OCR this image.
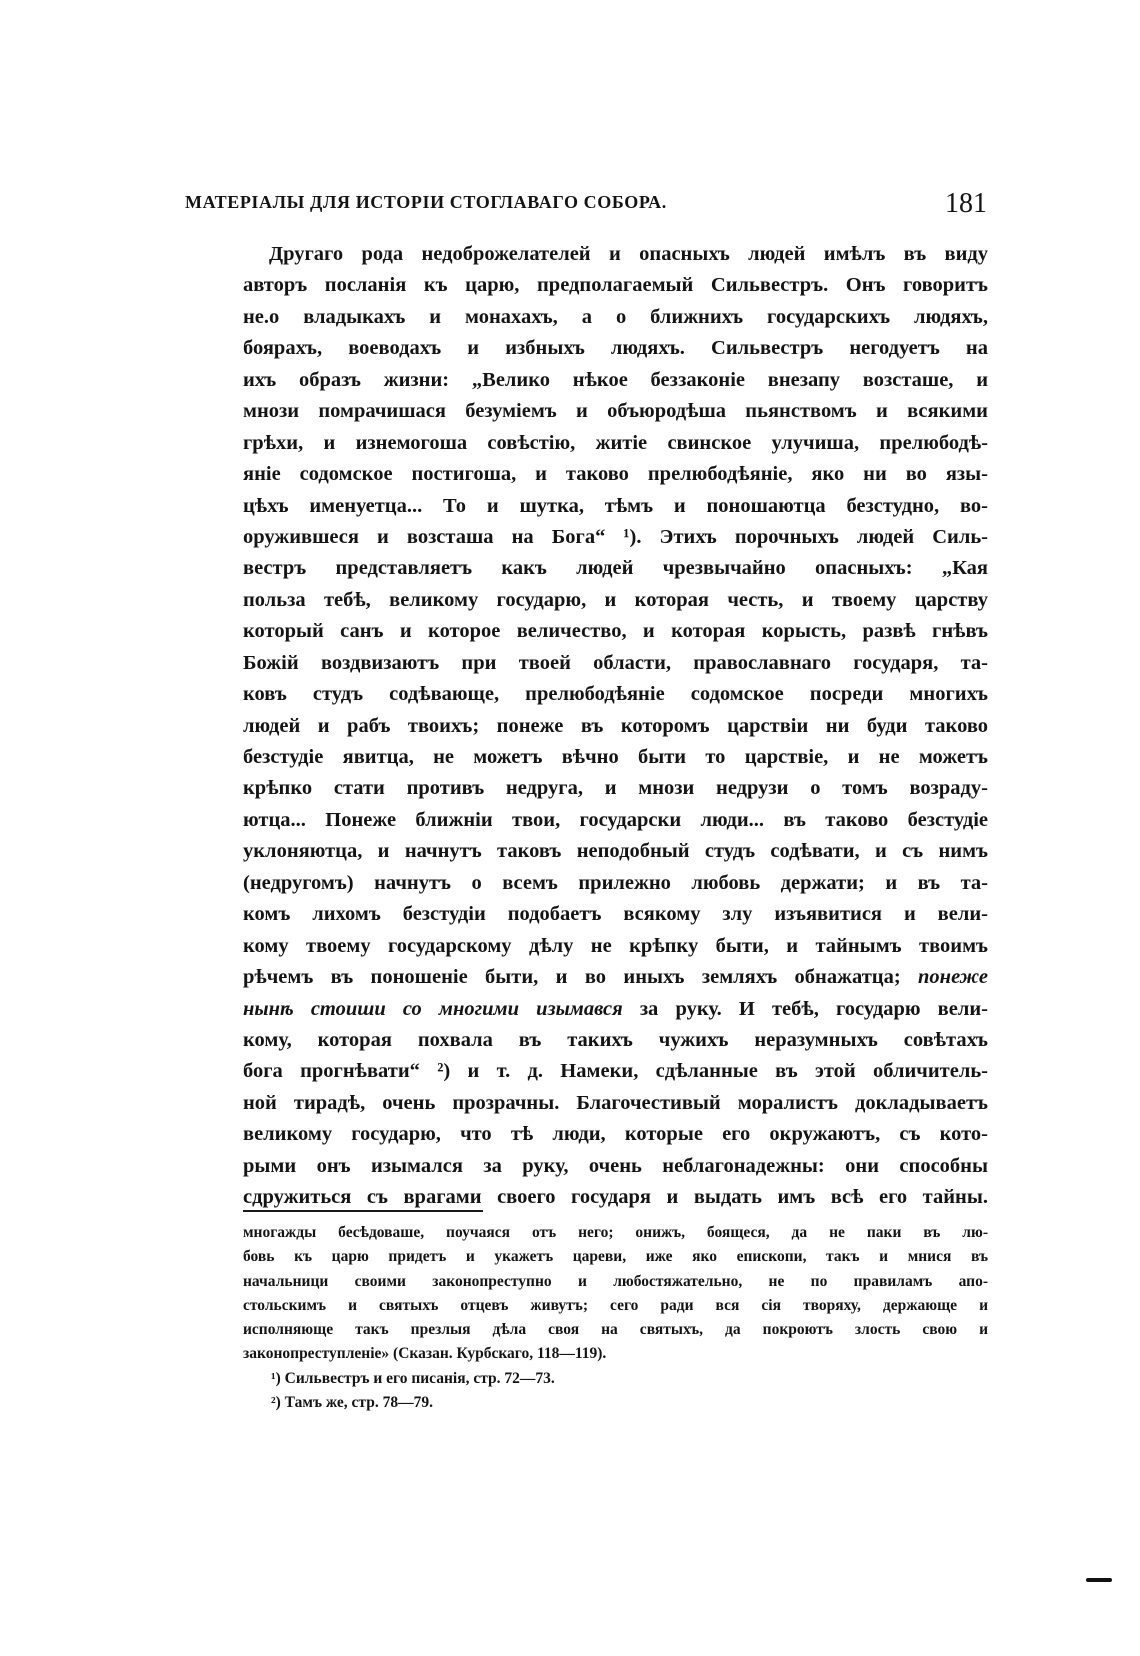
МАТЕРІАЛЫ ДЛЯ ИСТОРІИ СТОГЛАВАГО СОБОРА.	181
Другаго рода недоброжелателей и опасныхъ людей имѣлъ въ виду
авторъ посланія къ царю, предполагаемый Сильвестръ. Онъ говоритъ
не.о владыкахъ и монахахъ, а о ближнихъ государскихъ людяхъ,
боярахъ, воеводахъ и избныхъ людяхъ. Сильвестръ негодуетъ на
ихъ образъ жизни: „Велико нѣкое беззаконіе внезапу возсташе, и
мнози помрачишася безуміемъ и объюродѣша пьянствомъ и всякими
грѣхи, и изнемогоша совѣстію, житіе свинское улучиша, прелюбодѣ-
яніе содомское постигоша, и таково прелюбодѣяніе, яко ни во язы-
цѣхъ именуетца... То и шутка, тѣмъ и поношаютца безстудно, во-
оружившеся и возсташа на Бога“ ¹). Этихъ порочныхъ людей Силь-
вестръ представляетъ какъ людей чрезвычайно опасныхъ: „Кая
польза тебѣ, великому государю, и которая честь, и твоему царству
который санъ и которое величество, и которая корысть, развѣ гнѣвъ
Божій воздвизаютъ при твоей области, православнаго государя, та-
ковъ студъ содѣвающе, прелюбодѣяніе содомское посреди многихъ
людей и рабъ твоихъ; понеже въ которомъ царствіи ни буди таково
безстудіе явитца, не можетъ вѣчно быти то царствіе, и не можетъ
крѣпко стати противъ недруга, и мнози недрузи о томъ возраду-
ютца... Понеже ближніи твои, государски люди... въ таково безстудіе
уклоняютца, и начнутъ таковъ неподобный студъ содѣвати, и съ нимъ
(недругомъ) начнутъ о всемъ прилежно любовь держати; и въ та-
комъ лихомъ безстудіи подобаетъ всякому злу изъявитися и вели-
кому твоему государскому дѣлу не крѣпку быти, и тайнымъ твоимъ
рѣчемъ въ поношеніе быти, и во иныхъ земляхъ обнажатца; понеже
нынѣ стоиши со многими изымався за руку. И тебѣ, государю вели-
кому, которая похвала въ такихъ чужихъ неразумныхъ совѣтахъ
бога прогнѣвати“ ²) и т. д. Намеки, сдѣланные въ этой обличитель-
ной тирадѣ, очень прозрачны. Благочестивый моралистъ докладываетъ
великому государю, что тѣ люди, которые его окружаютъ, съ кото-
рыми онъ изымался за руку, очень неблагонадежны: они способны
сдружиться съ врагами своего государя и выдать имъ всѣ его тайны.
многажды бесѣдоваше, поучаяся отъ него; онижъ, боящеся, да не паки въ лю-
бовь къ царю придетъ и укажетъ цареви, иже яко епископи, такъ и мнися въ
начальници своими законопреступно и любостяжательно, не по правиламъ апо-
стольскимъ и святыхъ отцевъ живутъ; сего ради вся сія творяху, держающе и
исполняюще такъ презлыя дѣла своя на святыхъ, да покроютъ злость свою и
законопреступленіе» (Сказан. Курбскаго, 118—119).
¹) Сильвестръ и его писанія, стр. 72—73.
²) Тамъ же, стр. 78—79.
